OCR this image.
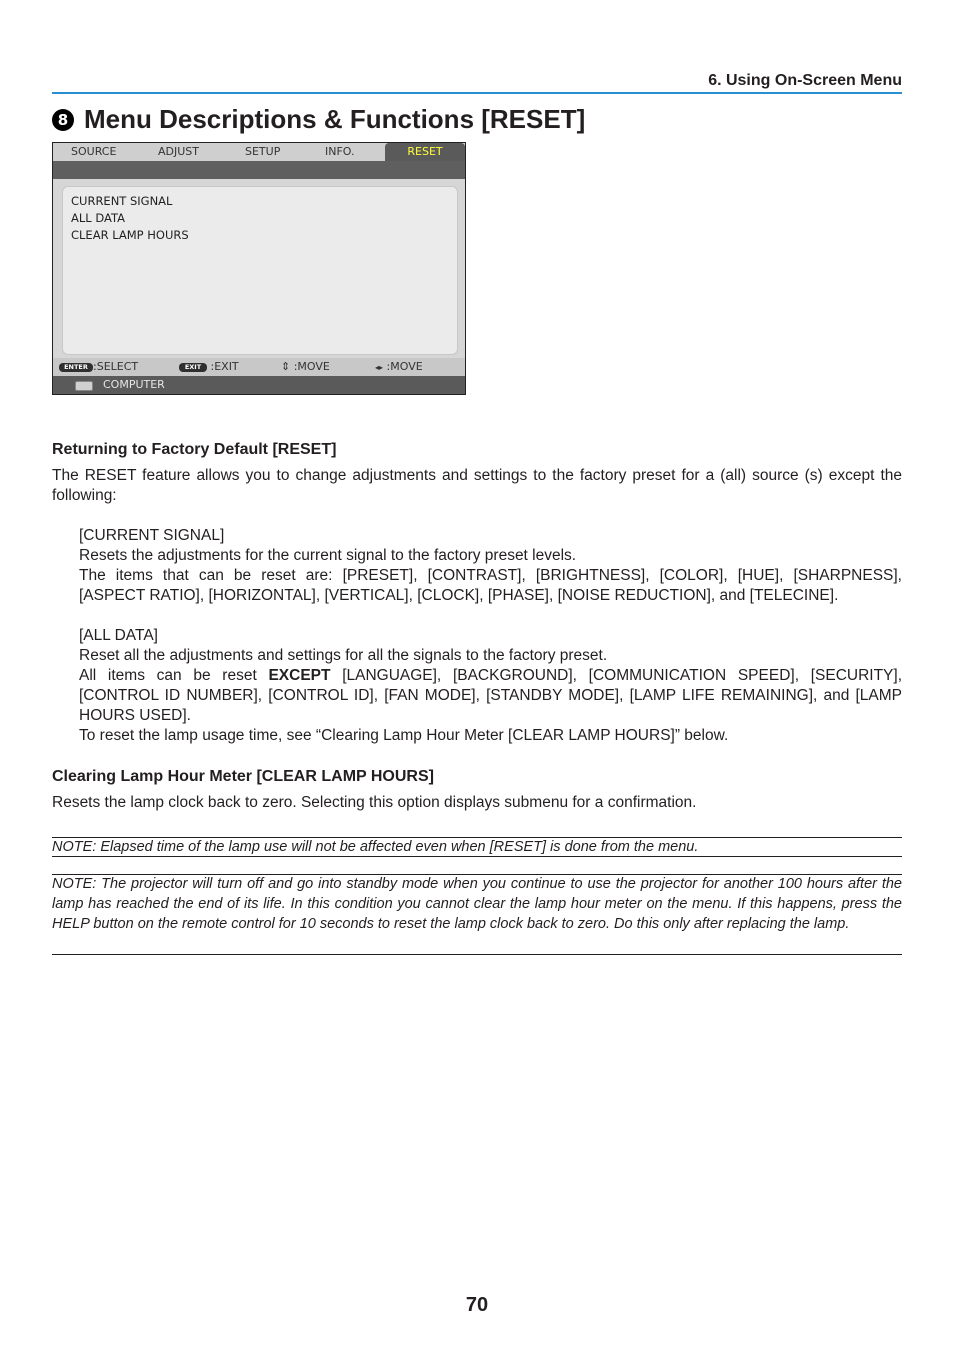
6. Using On-Screen Menu
8 Menu Descriptions & Functions [RESET]
SOURCE	ADJUST	SETUP	INFO.	RESET
CURRENT SIGNAL
ALL DATA
CLEAR LAMP HOURS
ENTER :SELECT	EXIT :EXIT	⇕ :MOVE	◂▸ :MOVE
COMPUTER
Returning to Factory Default [RESET]
The RESET feature allows you to change adjustments and settings to the factory preset for a (all) source (s) except the following:
[CURRENT SIGNAL]
Resets the adjustments for the current signal to the factory preset levels.
The items that can be reset are: [PRESET], [CONTRAST], [BRIGHTNESS], [COLOR], [HUE], [SHARPNESS], [ASPECT RATIO], [HORIZONTAL], [VERTICAL], [CLOCK], [PHASE], [NOISE REDUCTION], and [TELECINE].
[ALL DATA]
Reset all the adjustments and settings for all the signals to the factory preset.
All items can be reset EXCEPT [LANGUAGE], [BACKGROUND], [COMMUNICATION SPEED], [SECURITY], [CONTROL ID NUMBER], [CONTROL ID], [FAN MODE], [STANDBY MODE], [LAMP LIFE REMAINING], and [LAMP HOURS USED].
To reset the lamp usage time, see “Clearing Lamp Hour Meter [CLEAR LAMP HOURS]” below.
Clearing Lamp Hour Meter [CLEAR LAMP HOURS]
Resets the lamp clock back to zero. Selecting this option displays submenu for a confirmation.
NOTE: Elapsed time of the lamp use will not be affected even when [RESET] is done from the menu.
NOTE: The projector will turn off and go into standby mode when you continue to use the projector for another 100 hours after the lamp has reached the end of its life. In this condition you cannot clear the lamp hour meter on the menu. If this happens, press the HELP button on the remote control for 10 seconds to reset the lamp clock back to zero. Do this only after replacing the lamp.
70
